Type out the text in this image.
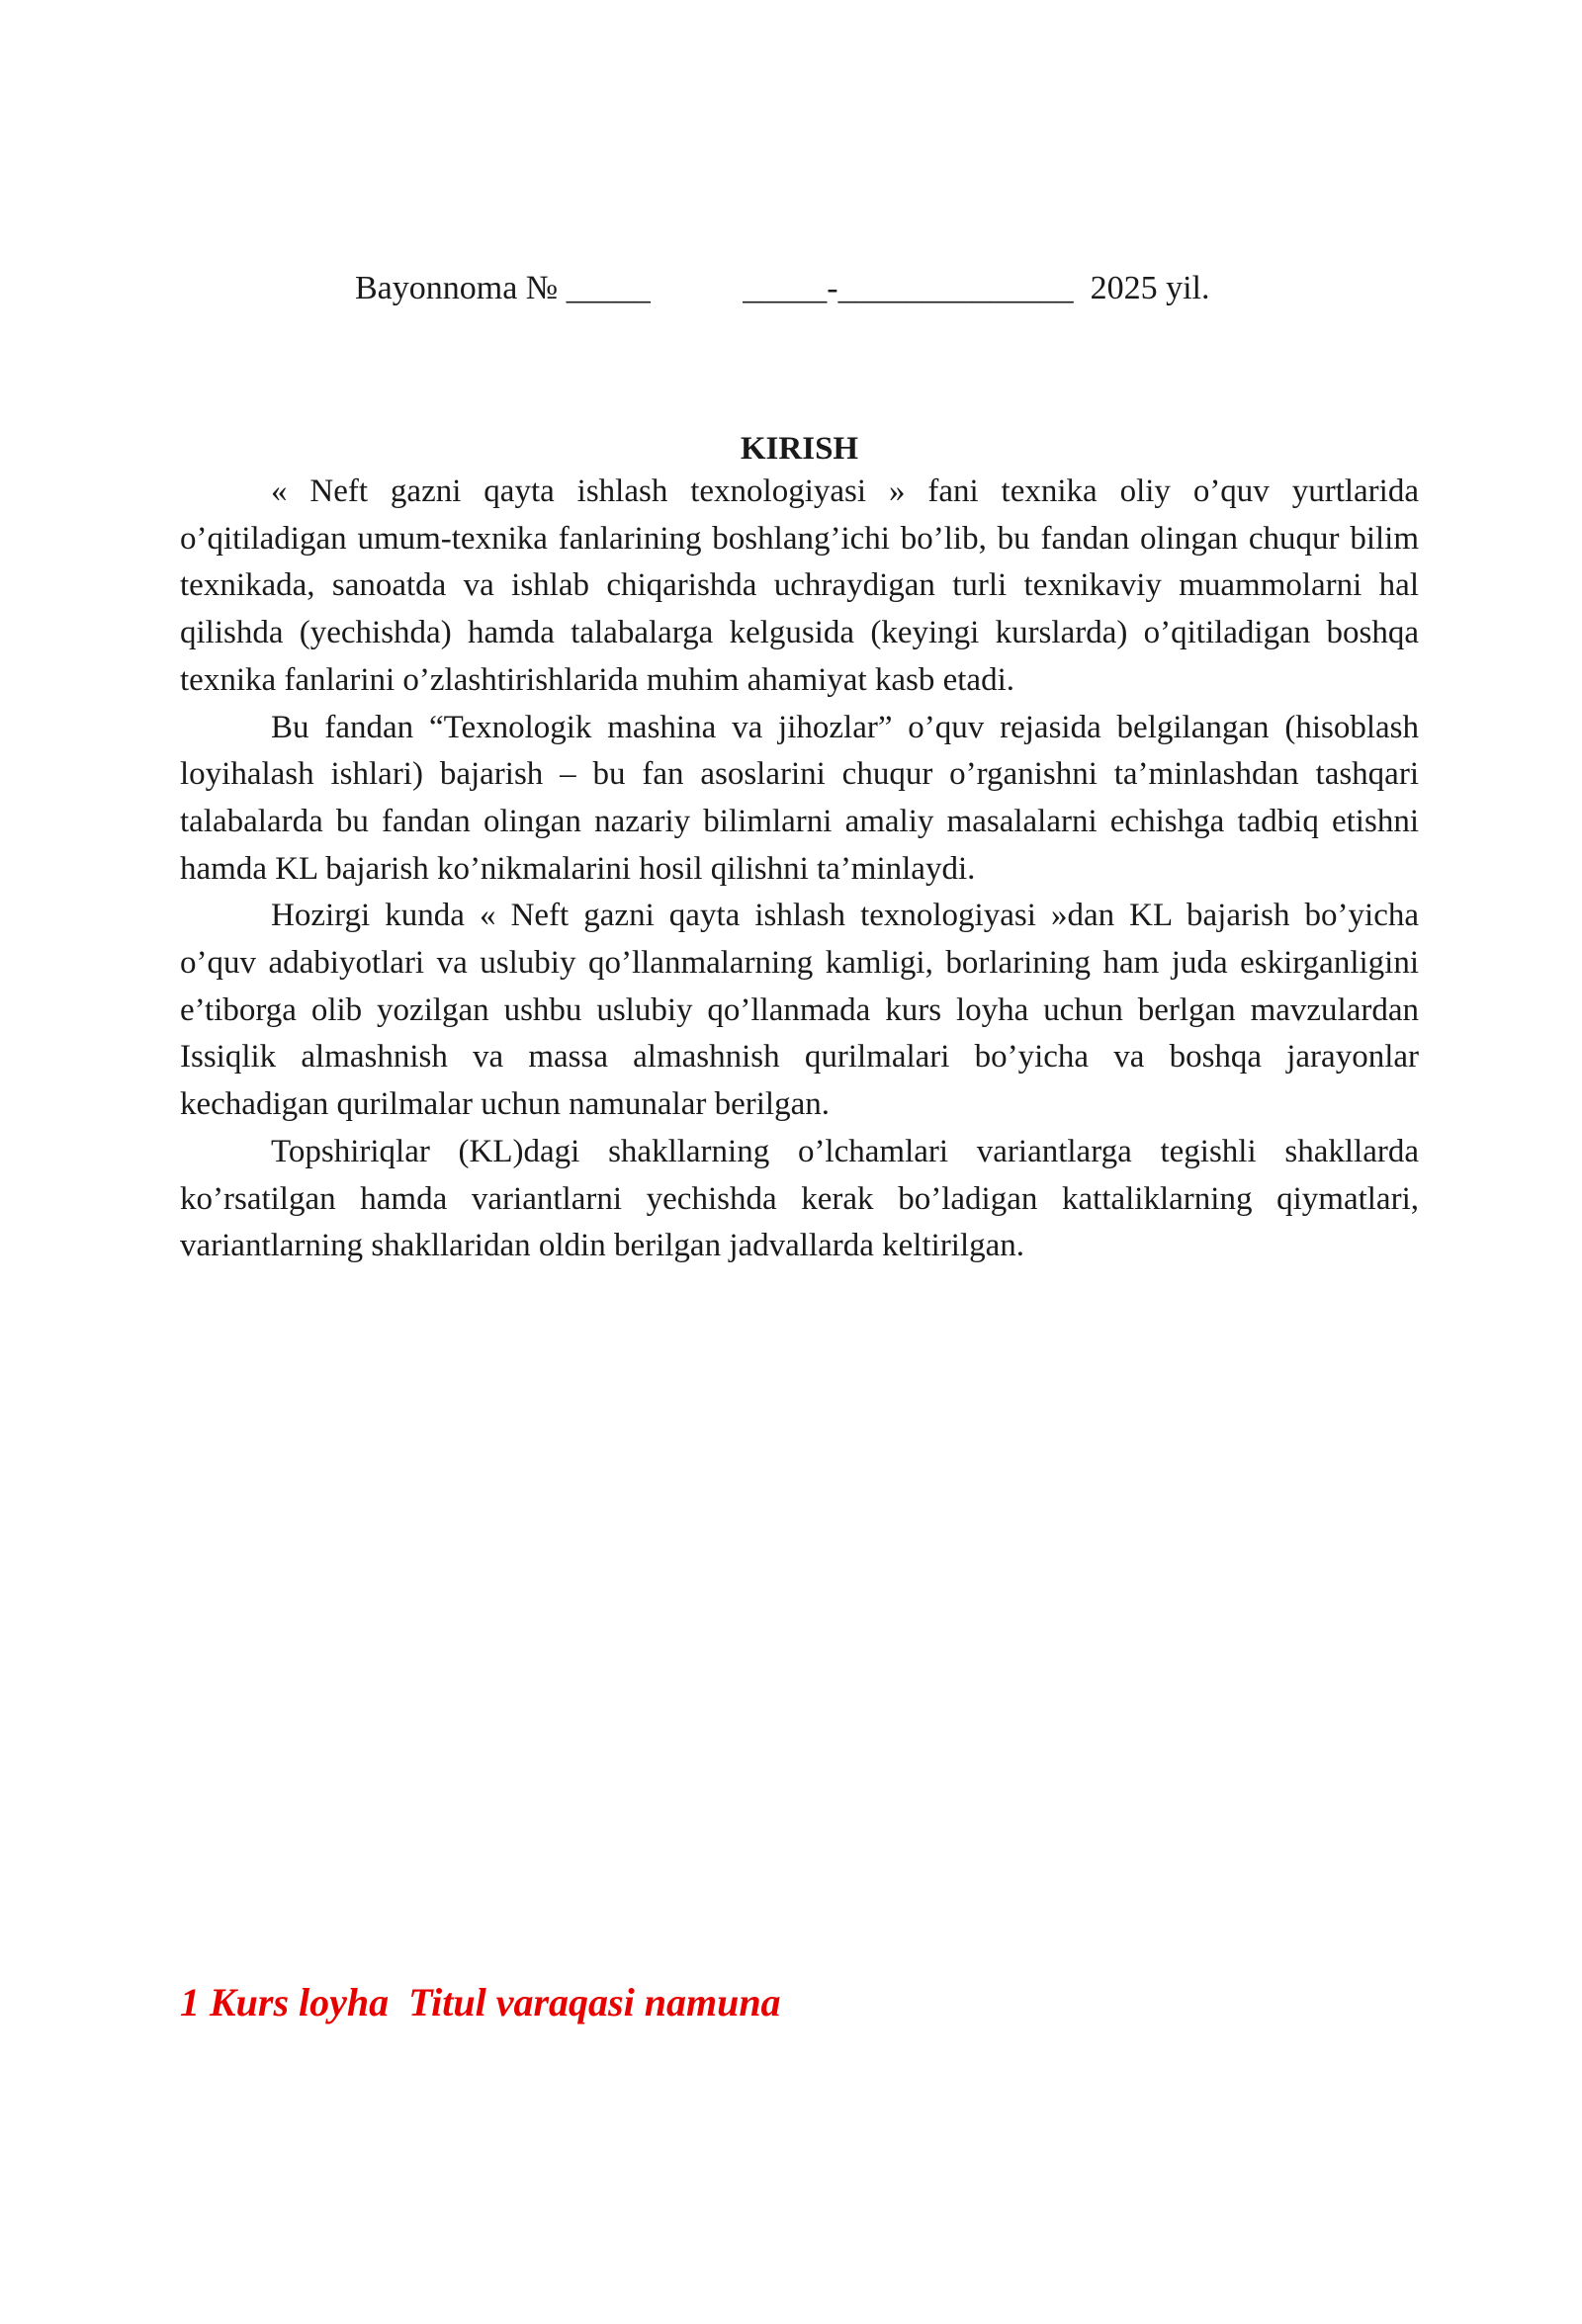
Bayonnoma № _____           _____-______________  2025 yil.
KIRISH

« Neft gazni qayta ishlash texnologiyasi » fani texnika oliy o’quv yurtlarida o’qitiladigan umum-texnika fanlarining boshlang’ichi bo’lib, bu fandan olingan chuqur bilim texnikada, sanoatda va ishlab chiqarishda uchraydigan turli texnikaviy muammolarni hal qilishda (yechishda) hamda talabalarga kelgusida (keyingi kurslarda) o’qitiladigan boshqa texnika fanlarini o’zlashtirishlarida muhim ahamiyat kasb etadi.

Bu fandan “Texnologik mashina va jihozlar” o’quv rejasida belgilangan (hisoblash loyihalash ishlari) bajarish – bu fan asoslarini chuqur o’rganishni ta’minlashdan tashqari talabalarda bu fandan olingan nazariy bilimlarni amaliy masalalarni echishga tadbiq etishni hamda KL bajarish ko’nikmalarini hosil qilishni ta’minlaydi.

Hozirgi kunda « Neft gazni qayta ishlash texnologiyasi »dan KL bajarish bo’yicha o’quv adabiyotlari va uslubiy qo’llanmalarning kamligi, borlarining ham juda eskirganligini e’tiborga olib yozilgan ushbu uslubiy qo’llanmada kurs loyha uchun berlgan mavzulardan Issiqlik almashnish va massa almashnish qurilmalari bo’yicha va boshqa jarayonlar kechadigan qurilmalar uchun namunalar berilgan.

Topshiriqlar (KL)dagi shakllarning o’lchamlari variantlarga tegishli shakllarda ko’rsatilgan hamda variantlarni yechishda kerak bo’ladigan kattaliklarning qiymatlari, variantlarning shakllaridan oldin berilgan jadvallarda keltirilgan.

1 Kurs loyha  Titul varaqasi namuna
